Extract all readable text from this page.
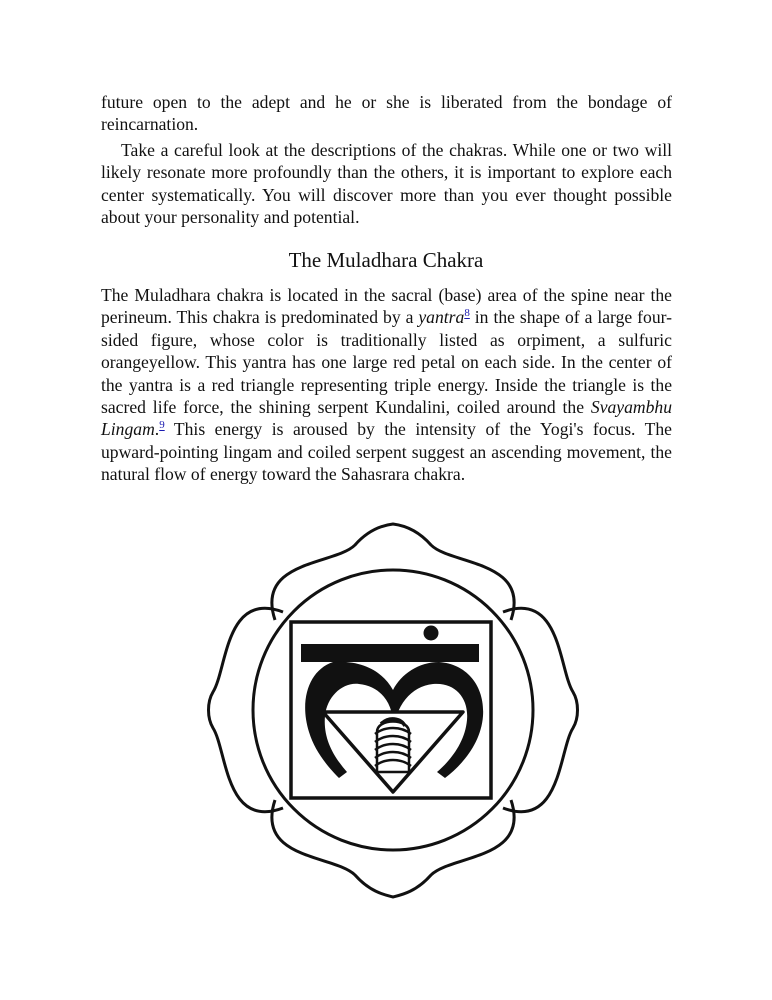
future open to the adept and he or she is liberated from the bondage of reincarnation.

Take a careful look at the descriptions of the chakras. While one or two will likely resonate more profoundly than the others, it is important to explore each center systematically. You will discover more than you ever thought possible about your personality and potential.

The Muladhara Chakra

The Muladhara chakra is located in the sacral (base) area of the spine near the perineum. This chakra is predominated by a yantra$^8$ in the shape of a large four-sided figure, whose color is traditionally listed as orpiment, a sulfuric orangeyellow. This yantra has one large red petal on each side. In the center of the yantra is a red triangle representing triple energy. Inside the triangle is the sacred life force, the shining serpent Kundalini, coiled around the Svayambhu Lingam.$^9$ This energy is aroused by the intensity of the Yogi's focus. The upward-pointing lingam and coiled serpent suggest an ascending movement, the natural flow of energy toward the Sahasrara chakra.
